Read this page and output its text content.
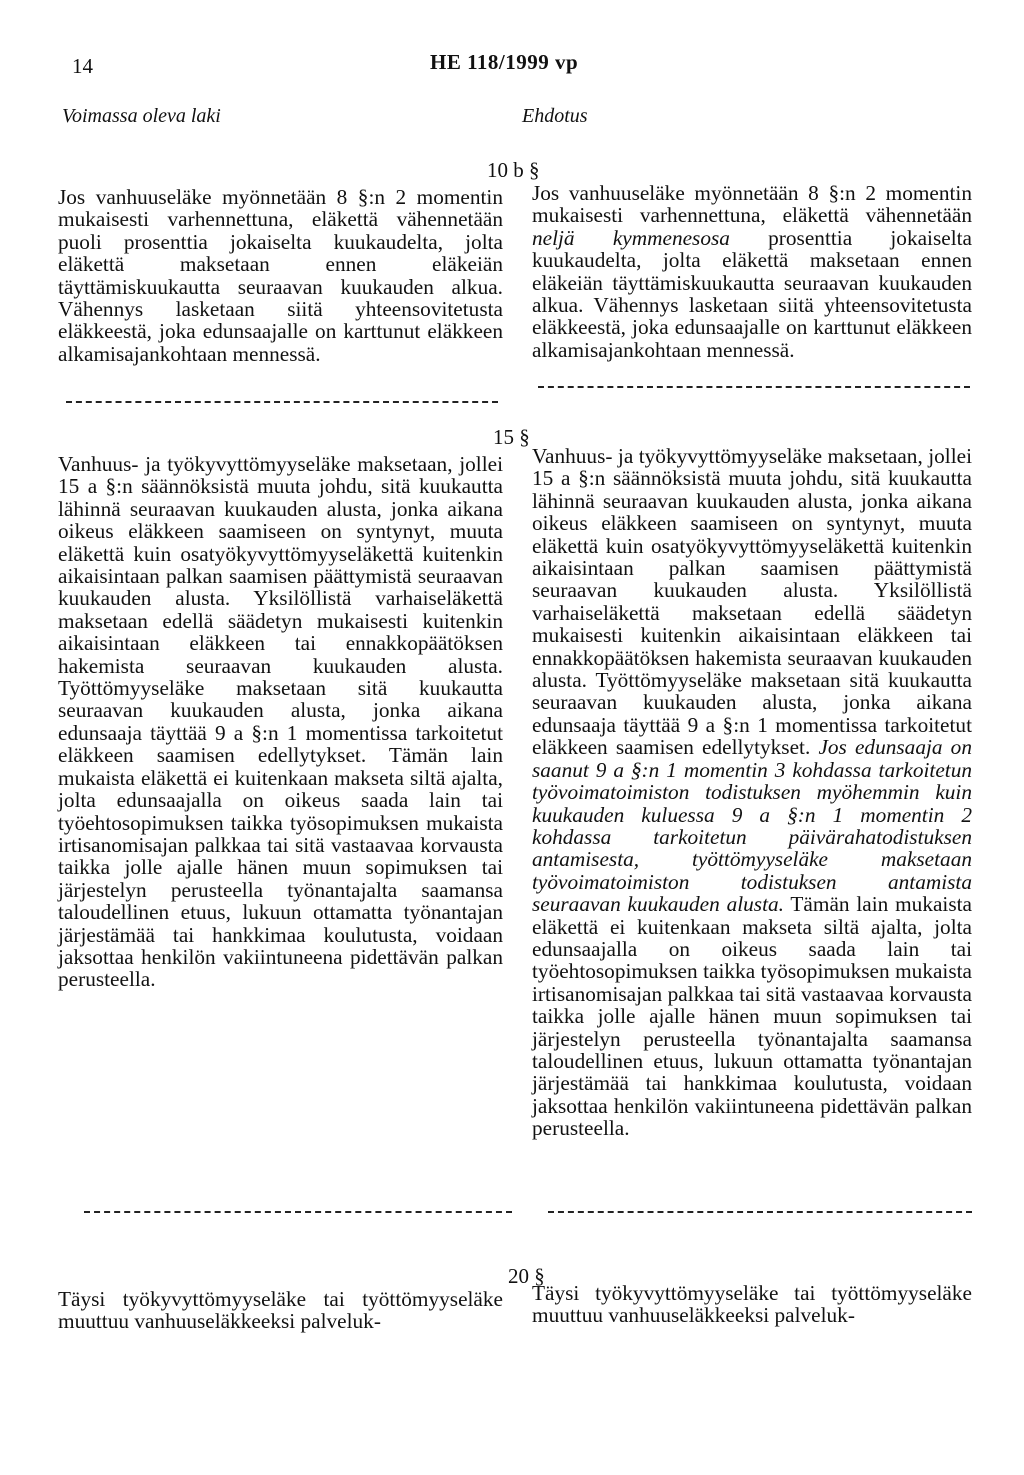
14	HE 118/1999 vp
Voimassa oleva laki	Ehdotus
10 b §

Jos vanhuuseläke myönnetään 8 §:n 2 momentin mukaisesti varhennettuna, eläkettä vähennetään puoli prosenttia jokaiselta kuukaudelta, jolta eläkettä maksetaan ennen eläkeiän täyttämiskuukautta seuraavan kuukauden alkua. Vähennys lasketaan siitä yhteensovitetusta eläkkeestä, joka edunsaajalle on karttunut eläkkeen alkamisajankohtaan mennessä.

Jos vanhuuseläke myönnetään 8 §:n 2 momentin mukaisesti varhennettuna, eläkettä vähennetään neljä kymmenesosa prosenttia jokaiselta kuukaudelta, jolta eläkettä maksetaan ennen eläkeiän täyttämiskuukautta seuraavan kuukauden alkua. Vähennys lasketaan siitä yhteensovitetusta eläkkeestä, joka edunsaajalle on karttunut eläkkeen alkamisajankohtaan mennessä.

15 §

Vanhuus- ja työkyvyttömyyseläke maksetaan, jollei 15 a §:n säännöksistä muuta johdu, sitä kuukautta lähinnä seuraavan kuukauden alusta, jonka aikana oikeus eläkkeen saamiseen on syntynyt, muuta eläkettä kuin osatyökyvyttömyyseläkettä kuitenkin aikaisintaan palkan saamisen päättymistä seuraavan kuukauden alusta. Yksilöllistä varhaiseläkettä maksetaan edellä säädetyn mukaisesti kuitenkin aikaisintaan eläkkeen tai ennakkopäätöksen hakemista seuraavan kuukauden alusta. Työttömyyseläke maksetaan sitä kuukautta seuraavan kuukauden alusta, jonka aikana edunsaaja täyttää 9 a §:n 1 momentissa tarkoitetut eläkkeen saamisen edellytykset. Tämän lain mukaista eläkettä ei kuitenkaan makseta siltä ajalta, jolta edunsaajalla on oikeus saada lain tai työehtosopimuksen taikka työsopimuksen mukaista irtisanomisajan palkkaa tai sitä vastaavaa korvausta taikka jolle ajalle hänen muun sopimuksen tai järjestelyn perusteella työnantajalta saamansa taloudellinen etuus, lukuun ottamatta työnantajan järjestämää tai hankkimaa koulutusta, voidaan jaksottaa henkilön vakiintuneena pidettävän palkan perusteella.

Vanhuus- ja työkyvyttömyyseläke maksetaan, jollei 15 a §:n säännöksistä muuta johdu, sitä kuukautta lähinnä seuraavan kuukauden alusta, jonka aikana oikeus eläkkeen saamiseen on syntynyt, muuta eläkettä kuin osatyökyvyttömyyseläkettä kuitenkin aikaisintaan palkan saamisen päättymistä seuraavan kuukauden alusta. Yksilöllistä varhaiseläkettä maksetaan edellä säädetyn mukaisesti kuitenkin aikaisintaan eläkkeen tai ennakkopäätöksen hakemista seuraavan kuukauden alusta. Työttömyyseläke maksetaan sitä kuukautta seuraavan kuukauden alusta, jonka aikana edunsaaja täyttää 9 a §:n 1 momentissa tarkoitetut eläkkeen saamisen edellytykset. Jos edunsaaja on saanut 9 a §:n 1 momentin 3 kohdassa tarkoitetun työvoimatoimiston todistuksen myöhemmin kuin kuukauden kuluessa 9 a §:n 1 momentin 2 kohdassa tarkoitetun päivärahatodistuksen antamisesta, työttömyyseläke maksetaan työvoimatoimiston todistuksen antamista seuraavan kuukauden alusta. Tämän lain mukaista eläkettä ei kuitenkaan makseta siltä ajalta, jolta edunsaajalla on oikeus saada lain tai työehtosopimuksen taikka työsopimuksen mukaista irtisanomisajan palkkaa tai sitä vastaavaa korvausta taikka jolle ajalle hänen muun sopimuksen tai järjestelyn perusteella työnantajalta saamansa taloudellinen etuus, lukuun ottamatta työnantajan järjestämää tai hankkimaa koulutusta, voidaan jaksottaa henkilön vakiintuneena pidettävän palkan perusteella.

20 §

Täysi työkyvyttömyyseläke tai työttömyyseläke muuttuu vanhuuseläkkeeksi palveluk-

Täysi työkyvyttömyyseläke tai työttömyyseläke muuttuu vanhuuseläkkeeksi palveluk-
